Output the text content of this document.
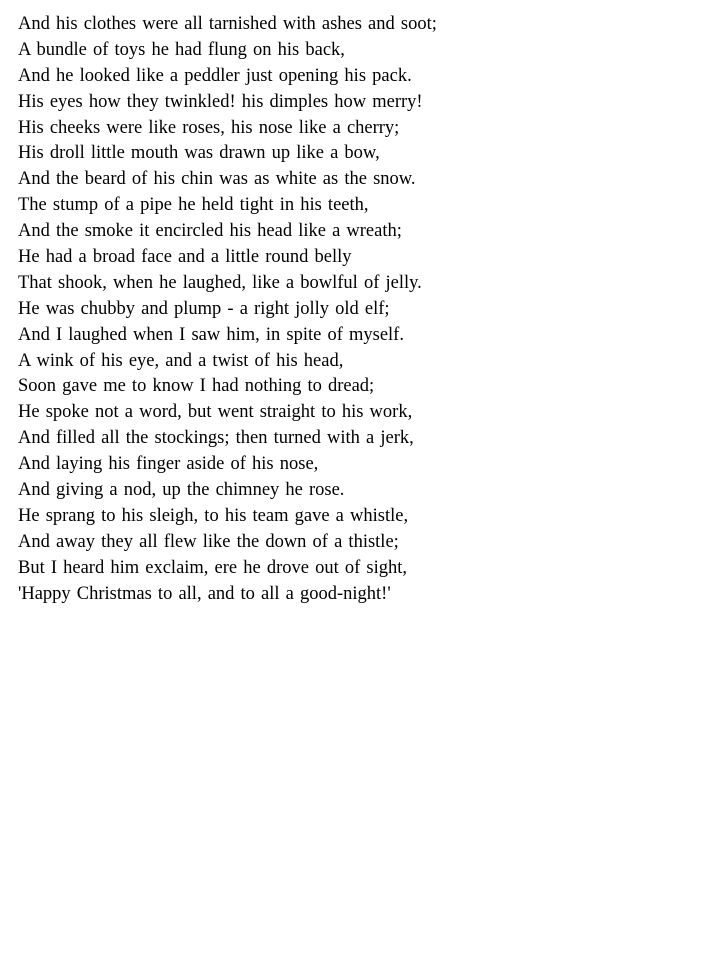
And his clothes were all tarnished with ashes and soot;
A bundle of toys he had flung on his back,
And he looked like a peddler just opening his pack.
His eyes how they twinkled! his dimples how merry!
His cheeks were like roses, his nose like a cherry;
His droll little mouth was drawn up like a bow,
And the beard of his chin was as white as the snow.
The stump of a pipe he held tight in his teeth,
And the smoke it encircled his head like a wreath;
He had a broad face and a little round belly
That shook, when he laughed, like a bowlful of jelly.
He was chubby and plump - a right jolly old elf;
And I laughed when I saw him, in spite of myself.
A wink of his eye, and a twist of his head,
Soon gave me to know I had nothing to dread;
He spoke not a word, but went straight to his work,
And filled all the stockings; then turned with a jerk,
And laying his finger aside of his nose,
And giving a nod, up the chimney he rose.
He sprang to his sleigh, to his team gave a whistle,
And away they all flew like the down of a thistle;
But I heard him exclaim, ere he drove out of sight,
'Happy Christmas to all, and to all a good-night!'
